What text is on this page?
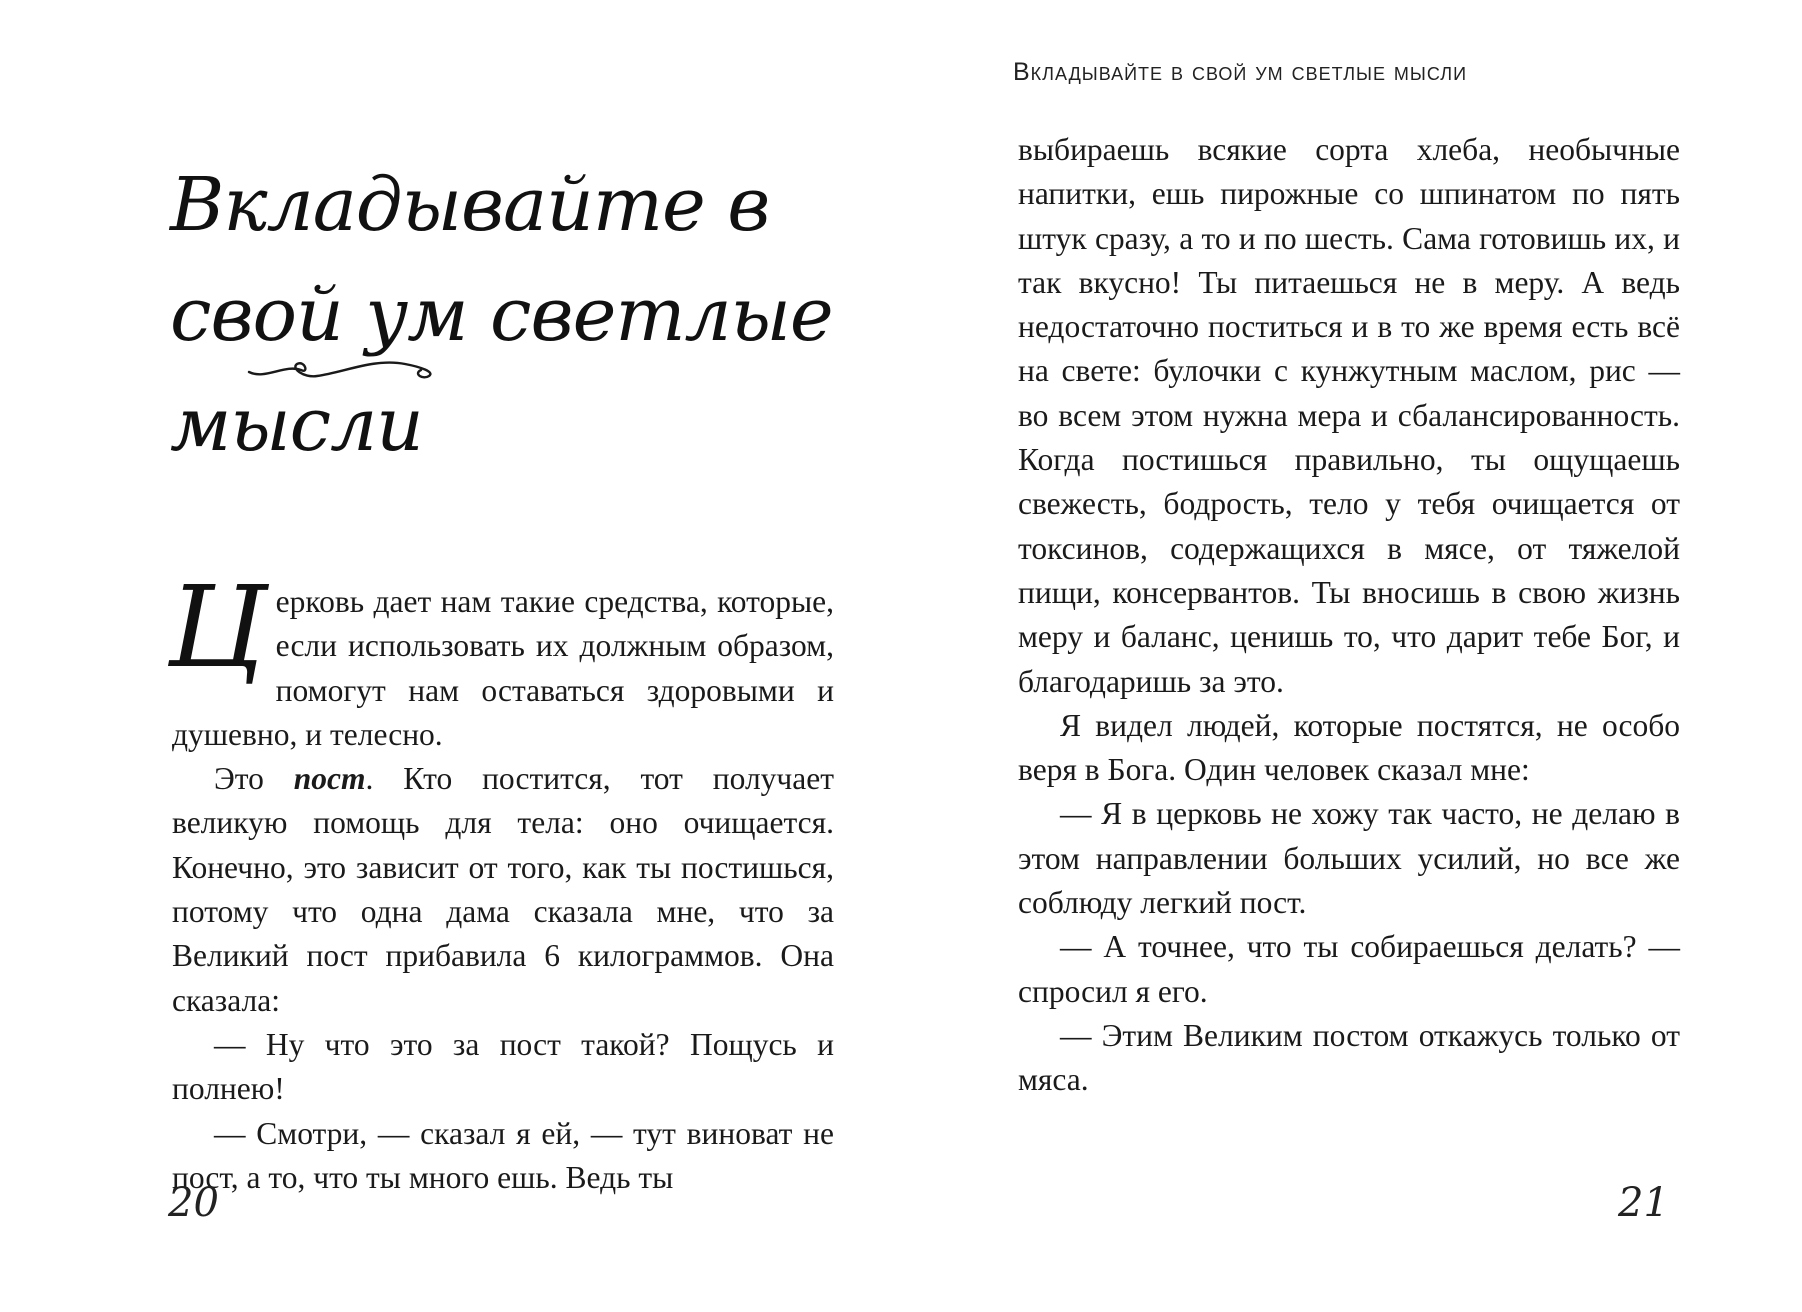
Вкладывайте в свой ум светлые мысли

Церковь дает нам такие средства, которые, если использовать их должным образом, помогут нам оставаться здоровыми и душевно, и телесно.

Это пост. Кто постится, тот получает великую помощь для тела: оно очищается. Конечно, это зависит от того, как ты постишься, потому что одна дама сказала мне, что за Великий пост прибавила 6 килограммов. Она сказала:

— Ну что это за пост такой? Пощусь и полнею!

— Смотри, — сказал я ей, — тут виноват не пост, а то, что ты много ешь. Ведь ты

20
Вкладывайте в свой ум светлые мысли

выбираешь всякие сорта хлеба, необычные напитки, ешь пирожные со шпинатом по пять штук сразу, а то и по шесть. Сама готовишь их, и так вкусно! Ты питаешься не в меру. А ведь недостаточно поститься и в то же время есть всё на свете: булочки с кунжутным маслом, рис — во всем этом нужна мера и сбалансированность. Когда постишься правильно, ты ощущаешь свежесть, бодрость, тело у тебя очищается от токсинов, содержащихся в мясе, от тяжелой пищи, консервантов. Ты вносишь в свою жизнь меру и баланс, ценишь то, что дарит тебе Бог, и благодаришь за это.

Я видел людей, которые постятся, не особо веря в Бога. Один человек сказал мне:

— Я в церковь не хожу так часто, не делаю в этом направлении больших усилий, но все же соблюду легкий пост.

— А точнее, что ты собираешься делать? — спросил я его.

— Этим Великим постом откажусь только от мяса.

21
